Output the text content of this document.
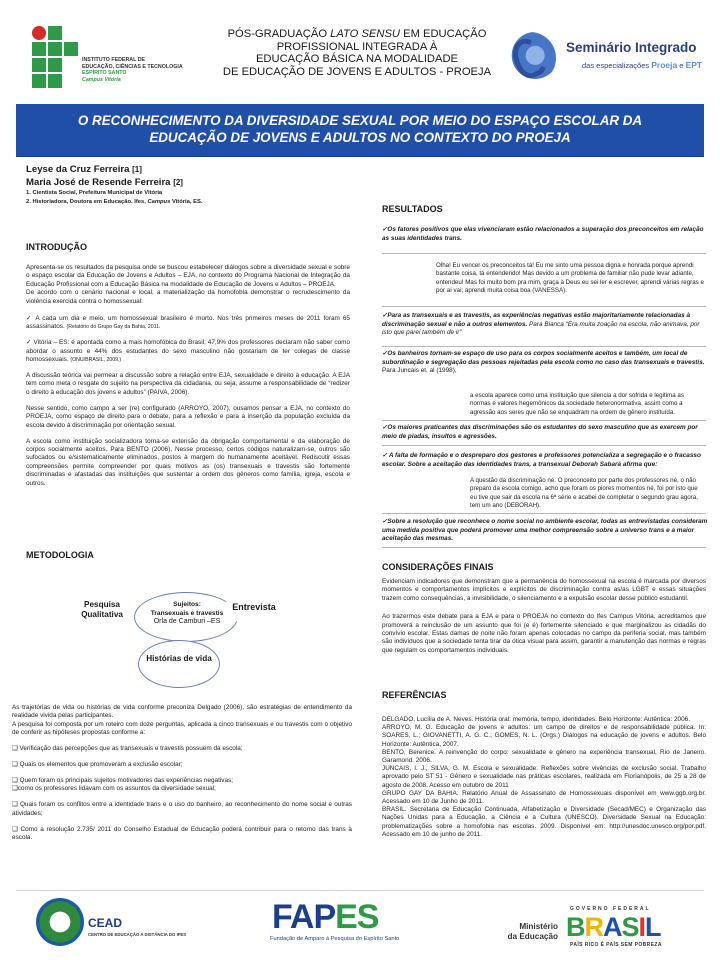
INSTITUTO FEDERAL DE
EDUCAÇÃO, CIÊNCIAS E TECNOLOGIA
ESPÍRITO SANTO
Campus Vitória
PÓS-GRADUAÇÃO LATO SENSU EM EDUCAÇÃO
PROFISSIONAL INTEGRADA À
EDUCAÇÃO BÁSICA NA MODALIDADE
DE EDUCAÇÃO DE JOVENS E ADULTOS - PROEJA
Seminário Integrado
das especializações Proeja e EPT
O RECONHECIMENTO DA DIVERSIDADE SEXUAL POR MEIO DO ESPAÇO ESCOLAR DA
EDUCAÇÃO DE JOVENS E ADULTOS NO CONTEXTO DO PROEJA
Leyse da Cruz Ferreira [1]
Maria José de Resende Ferreira [2]
1. Cientista Social, Prefeitura Municipal de Vitória
2. Historiadora, Doutora em Educação. Ifes, Campus Vitória, ES.
INTRODUÇÃO

Apresenta-se os resultados da pesquisa onde se buscou estabelecer diálogos sobre a diversidade sexual e sobre o espaço escolar da Educação de Jovens e Adultos – EJA, no contexto do Programa Nacional de Integração da Educação Profissional com a Educação Básica na modalidade de Educação de Jovens e Adultos – PROEJA.
De acordo com o cenário nacional e local, a materialização da homofobia demonstrar o recrudescimento da violência exercida contra o homossexual:

✓ A cada um dia e meio, um homossexual brasileiro é morto. Nos três primeiros meses de 2011 foram 65 assassinatos. (Relatório do Grupo Gay da Bahia, 2011.

✓ Vitória – ES: é apontada como a mais homofóbica do Brasil; 47,9% dos professores declaram não saber como abordar o assunto e 44% dos estudantes do sexo masculino não gostariam de ter colegas de classe homossexuais. (ONU/BRASIL, 2009.)

A discussão teórica vai permear a discussão sobre a relação entre EJA, sexualidade e direito à educação. A EJA tem como meta o resgate do sujeito na perspectiva da cidadania, ou seja, assume a responsabilidade de “redizer o direito à educação dos jovens e adultos” (PAIVA, 2006).

Nesse sentido, como campo a ser (re) configurado (ARROYO, 2007), ousamos pensar a EJA, no contexto do PROEJA, como espaço de direito para o debate, para a reflexão e para a inserção da população excluída da escola devido à discriminação por orientação sexual.

A escola como instituição socializadora torna-se extensão da obrigação comportamental e da elaboração de corpos socialmente aceitos. Para BENTO (2006), Nesse processo, certos códigos naturalizam-se, outros são sufocados ou e/sistematicamente eliminados, postos à margem do humanamente aceitável. Rediscutir essas compreensões permite compreender por quais motivos as (os) transexuais e travestis são fortemente discriminadas e afastadas das instituições que sustentar a ordem dos gêneros como família, igreja, escola e outros.

METODOLOGIA
Pesquisa Qualitativa
Sujeitos:
Transexuais e travestis
Orla de Camburi –ES
Entrevista
Histórias de vida

As trajetórias de vida ou histórias de vida conforme preconiza Delgado (2006), são estratégias de entendimento da realidade vivida pelas participantes.

A pesquisa foi composta por um roteiro com doze perguntas, aplicada a cinco transexuais e ou travestis com o objetivo de conferir as hipóteses propostas conforme a:

❑ Verificação das percepções que as transexuais e travestis possuem da escola;

❑ Quais os elementos que promoveram a exclusão escolar;

❑ Quem foram os principais sujeitos motivadores das experiências negativas;

❑como os professores lidavam com os assuntos da diversidade sexual;

❑ Quais foram os conflitos entre a identidade trans e o uso do banheiro, ao reconhecimento do nome social e outras atividades;

❑ Como a resolução 2.735/ 2011 do Conselho Estadual de Educação poderá contribuir para o retorno das trans à escola.

RESULTADOS
✓Os fatores positivos que elas vivenciaram estão relacionados a superação dos preconceitos em relação as suas identidades trans.
Olha! Eu vencer os preconceitos tá! Eu me sinto uma pessoa digna e honrada porque aprendi bastante coisa, tá entendendo! Mas devido a um problema de familiar não pude levar adiante, entendeu! Mas foi muito bom pra mim, graça à Deus eu sei ler e escrever, aprendi várias regras e por aí vai; aprendi muita coisa boa (VANESSA).
✓Para as transexuais e as travestis, as experiências negativas estão majoritariamente relacionadas à discriminação sexual e não a outros elementos. Para Bianca “Era muita zoação na escola, não animava, por isto que parei também de ir”
✓Os banheiros tornam-se espaço de uso para os corpos socialmente aceitos e também, um local de subordinação e segregação das pessoas rejeitadas pela escola como no caso das transexuais e travestis.
Para Juncais et. al (1998),
a escola aparece como uma instituição que silencia a dor sofrida e legitima as normas e valores hegemônicos da sociedade heteronormativa, assim como a agressão aos seres que não se enquadram na ordem de gênero instituída.
✓Os maiores praticantes das discriminações são os estudantes do sexo masculino que as exercem por meio de piadas, insultos e agressões.
✓ A falta de formação e o despreparo dos gestores e professores potencializa a segregação e o fracasso escolar. Sobre a aceitação das identidades trans, a transexual Deborah Sabará afirma que:
A questão da discriminação né. O preconceito por parte dos professores né, o não preparo da escola comigo, acho que foram os piores momentos né, foi por isto que eu tive que sair da escola na 6ª série e acabei de completar o segundo grau agora, tem um ano (DEBORAH).
✓Sobre a resolução que reconhece o nome social no ambiente escolar, todas as entrevistadas consideram uma medida positiva que poderá promover uma melhor compreensão sobre a universo trans e a maior aceitação das mesmas.
CONSIDERAÇÕES FINAIS

Evidenciam indicadores que demonstram que a permanência do homossexual na escola é marcada por diversos momentos e comportamentos implícitos e explícitos de discriminação contra as/as LGBT e essas situações trazem como consequências, a invisibilidade, o silenciamento e a expulsão escolar desse público estudantil.

Ao trazermos este debate para a EJA e para o PROEJA no contexto do Ifes Campus Vitória, acreditamos que promoverá a reinclusão de um assunto que foi (e é) fortemente silenciado e que marginalizou as cidadãs do convívio escolar. Estas damas de noite não foram apenas colocadas no campo da periferia social, mas também são indivíduos que a sociedade tenta tirar da ótica visual para assim, garantir a manutenção das normas e regras que regulam os comportamentos individuais.

REFERÊNCIAS
DELGADO, Lucília de A. Neves. História oral: memória, tempo, identidades. Belo Horizonte: Autêntica: 2006.
ARROYO, M. G. Educação de jovens e adultos: um campo de direitos e de responsabilidade pública. In: SOARES, L.; GIOVANETTI, A. G. C.; GOMES, N. L. (Orgs.) Diálogos na educação de jovens e adultos. Belo Horizonte: Autêntica, 2007.
BENTO, Berenice. A reinvenção do corpo: sexualidade e gênero na experiência transexual, Rio de Janeiro. Garamond. 2006.
JUNCAIS, I. J., SILVA, G. M. Escola e sexualidade: Reflexões sobre vivências de exclusão social. Trabalho aprovado pelo ST 51 - Gênero e sexualidade nas práticas escolares, realizada em Florianópolis, de 25 a 28 de agosto de 2008. Acesso em outubro de 2011
GRUPO GAY DA BAHIA. Relatório Anual de Assassinato de Homossexuais disponível em www.ggb.org.br. Acessado em 10 de Junho de 2011.
BRASIL. Secretaria de Educação Continuada, Alfabetização e Diversidade (Secad/MEC) e Organização das Nações Unidas para a Educação, a Ciência e a Cultura (UNESCO). Diversidade Sexual na Educação: problematizações sobre a homofobia nas escolas. 2009. Disponível em: http://unesdoc.unesco.org/por.pdf. Acessado em 10 de junho de 2011.
CEAD
CENTRO DE EDUCAÇÃO A DISTÂNCIA DO IFES	FAPES
Fundação de Amparo à Pesquisa do Espírito Santo
Ministério
da Educação
GOVERNO FEDERAL
BRASIL
PAÍS RICO É PAÍS SEM POBREZA
